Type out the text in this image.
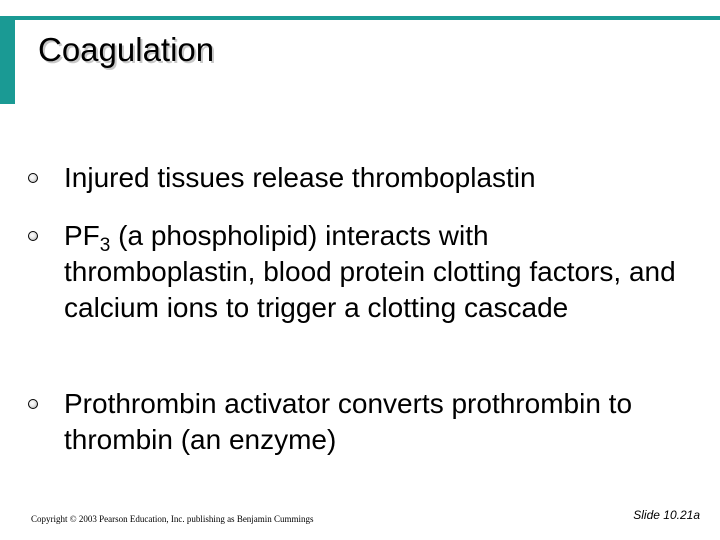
Coagulation
Injured tissues release thromboplastin
$PF_3$ (a phospholipid) interacts with thromboplastin, blood protein clotting factors, and calcium ions to trigger a clotting cascade
Prothrombin activator converts prothrombin to thrombin (an enzyme)
Copyright © 2003 Pearson Education, Inc. publishing as Benjamin Cummings	Slide 10.21a
